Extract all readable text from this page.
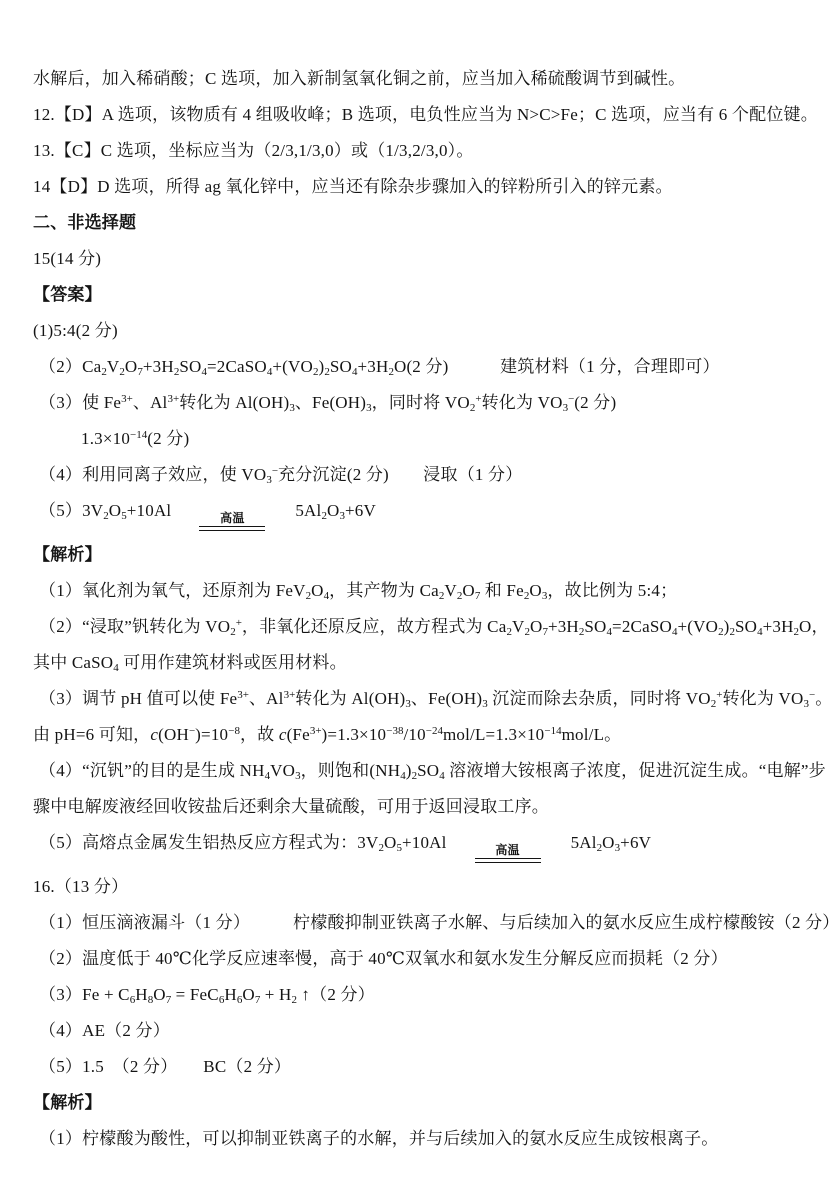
水解后，加入稀硝酸；C 选项，加入新制氢氧化铜之前，应当加入稀硫酸调节到碱性。
12.【D】A 选项，该物质有 4 组吸收峰；B 选项，电负性应当为 N>C>Fe；C 选项，应当有 6 个配位键。
13.【C】C 选项，坐标应当为（2/3,1/3,0）或（1/3,2/3,0）。
14【D】D 选项，所得 ag 氧化锌中，应当还有除杂步骤加入的锌粉所引入的锌元素。
二、非选择题
15(14 分)
【答案】
(1)5:4(2 分)
$(2)Ca_2V_2O_7+3H_2SO_4=2CaSO_4+(VO_2)_2SO_4+3H_2O(2$ 分)　　　建筑材料（1 分，合理即可）
（3）使 $Fe^{3+}$、$Al^{3+}$转化为 $Al(OH)_3$、$Fe(OH)_3$，同时将 $VO_2^+$转化为 $VO_3^-(2$ 分)
$1.3\times 10^{-14}(2$ 分)
（4）利用同离子效应，使 $VO_3^-$充分沉淀(2 分)　　浸取（1 分）
$(5)3V_2O_5+10Al$	高温	$5Al_2O_3+6V$
【解析】
（1）氧化剂为氧气，还原剂为 $FeV_2O_4$，其产物为 $Ca_2V_2O_7$ 和 $Fe_2O_3$，故比例为 5:4；
（2）“浸取”钒转化为 $VO_2^+$，非氧化还原反应，故方程式为 $Ca_2V_2O_7+3H_2SO_4=2CaSO_4+(VO_2)_2SO_4+3H_2O$，
其中 CaSO$_4$ 可用作建筑材料或医用材料。
（3）调节 pH 值可以使 $Fe^{3+}$、$Al^{3+}$转化为 $Al(OH)_3$、$Fe(OH)_3$ 沉淀而除去杂质，同时将 $VO_2^+$转化为 $VO_3^-$。
由 pH=6 可知，$c(OH^-)=10^{-8}$，故 $c(Fe^{3+})=1.3\times 10^{-38}/10^{-24}mol/L=1.3\times 10^{-14}mol/L$。
（4）“沉钒”的目的是生成 $NH_4VO_3$，则饱和$(NH_4)_2SO_4$ 溶液增大铵根离子浓度，促进沉淀生成。“电解”步
骤中电解废液经回收铵盐后还剩余大量硫酸，可用于返回浸取工序。
（5）高熔点金属发生铝热反应方程式为：$3V_2O_5+10Al$	高温	$5Al_2O_3+6V$
16.（13 分）
（1）恒压滴液漏斗（1 分）　　　柠檬酸抑制亚铁离子水解、与后续加入的氨水反应生成柠檬酸铵（2 分）
（2）温度低于 40℃化学反应速率慢，高于 40℃双氧水和氨水发生分解反应而损耗（2 分）
$(3)Fe + C_6H_8O_7 = FeC_6H_6O_7 + H_2$ ↑（2 分）
（4）AE（2 分）
（5）1.5　（2 分）　　BC（2 分）
【解析】
（1）柠檬酸为酸性，可以抑制亚铁离子的水解，并与后续加入的氨水反应生成铵根离子。
